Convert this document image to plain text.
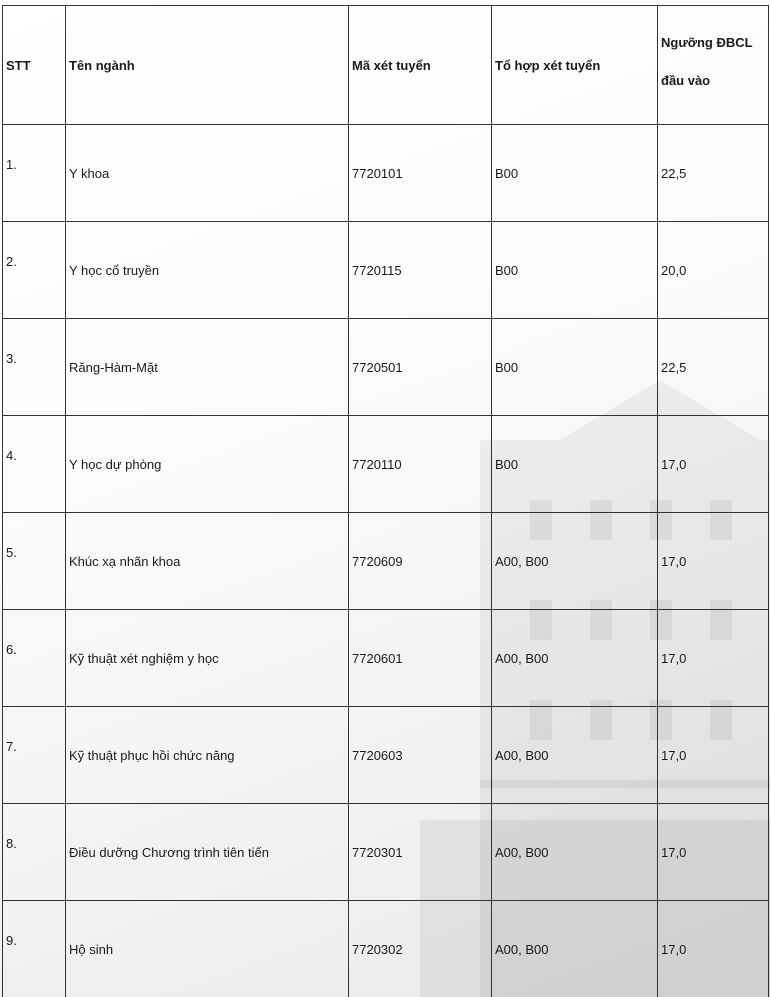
STT	Tên ngành	Mã xét tuyển	Tổ hợp xét tuyển	Ngưỡng ĐBCL
đầu vào

1.	Y khoa	7720101	B00	22,5

2.	Y học cổ truyền	7720115	B00	20,0

3.	Răng-Hàm-Mặt	7720501	B00	22,5

4.	Y học dự phòng	7720110	B00	17,0

5.	Khúc xạ nhãn khoa	7720609	A00, B00	17,0

6.	Kỹ thuật xét nghiệm y học	7720601	A00, B00	17,0

7.	Kỹ thuật phục hồi chức năng	7720603	A00, B00	17,0

8.	Điều dưỡng Chương trình tiên tiến	7720301	A00, B00	17,0

9.	Hộ sinh	7720302	A00, B00	17,0
